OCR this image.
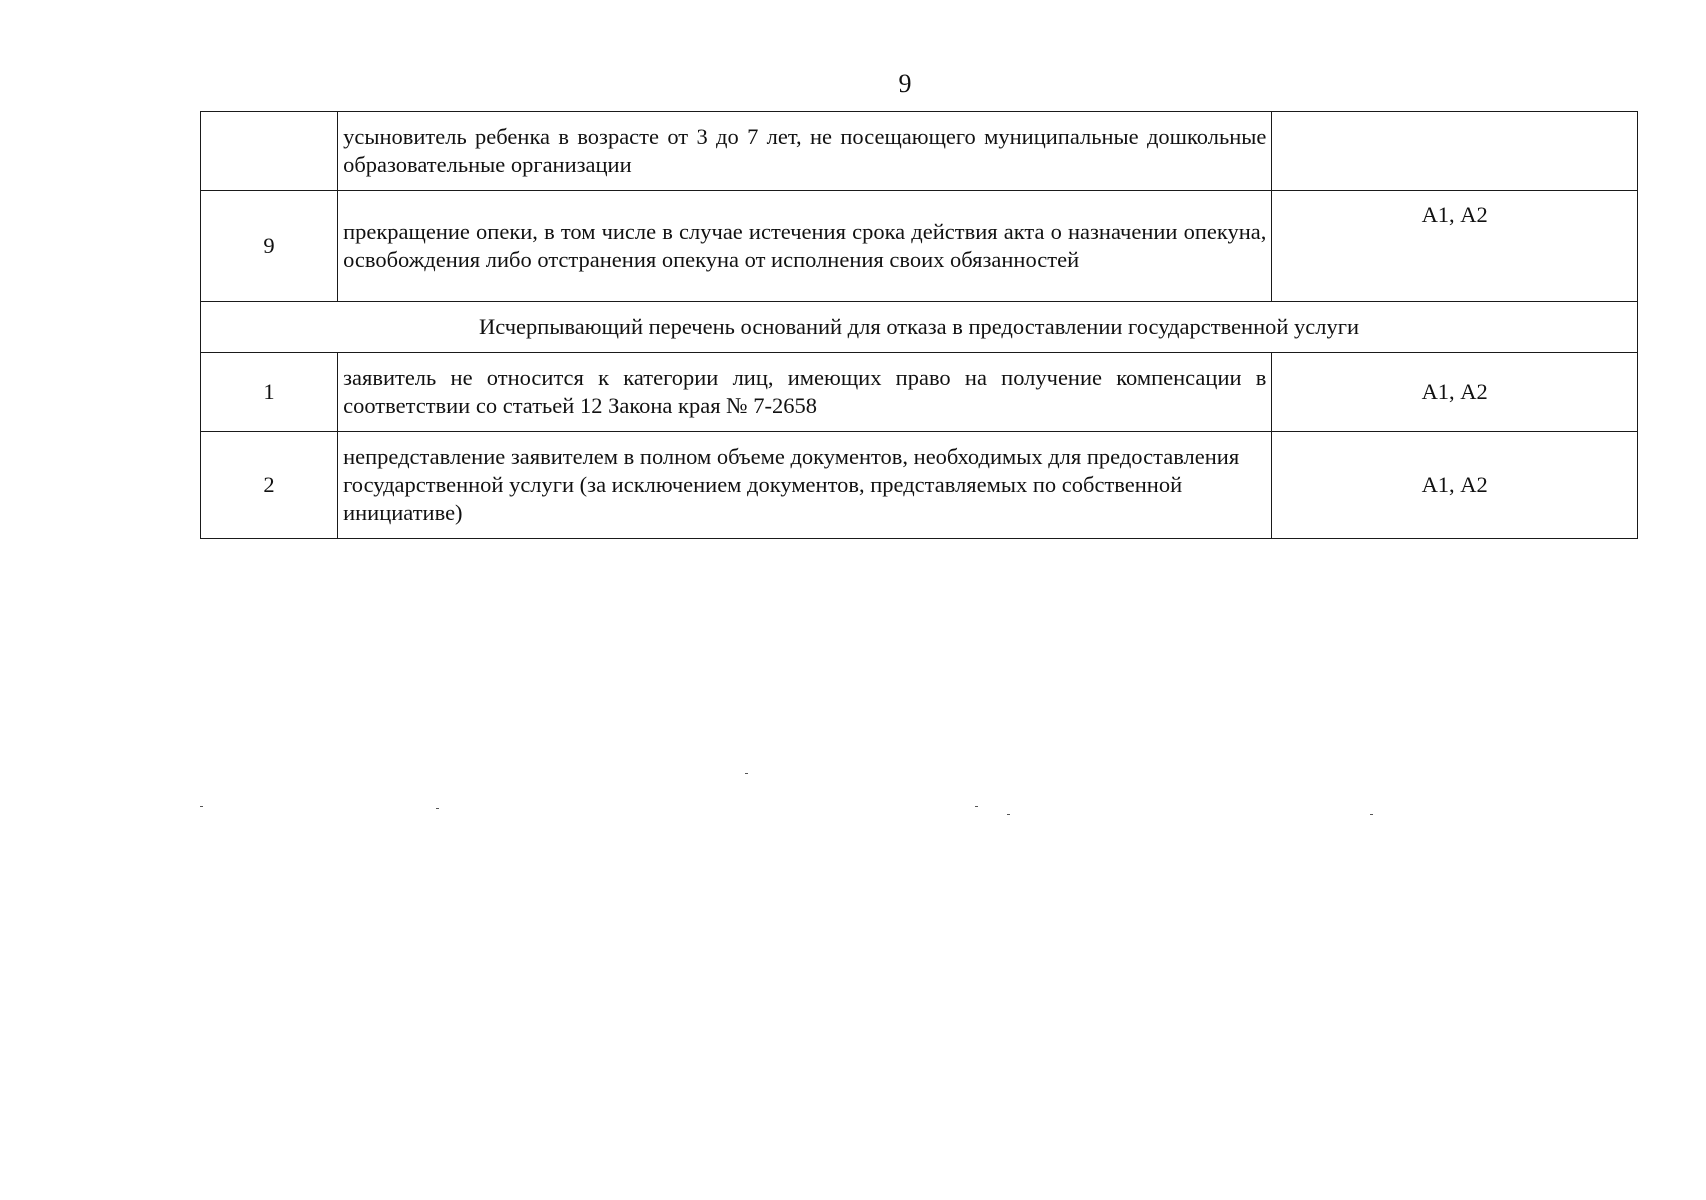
9
	усыновитель ребенка в возрасте от 3 до 7 лет, не посещающего муниципальные дошкольные образовательные организации	
9	прекращение опеки, в том числе в случае истечения срока действия акта о назначении опекуна, освобождения либо отстранения опекуна от исполнения своих обязанностей	А1, А2
Исчерпывающий перечень оснований для отказа в предоставлении государственной услуги		
1	заявитель не относится к категории лиц, имеющих право на получение компенсации в соответствии со статьей 12 Закона края № 7-2658	А1, А2
2	непредставление заявителем в полном объеме документов, необходимых для предоставления государственной услуги (за исключением документов, представляемых по собственной инициативе)	А1, А2
